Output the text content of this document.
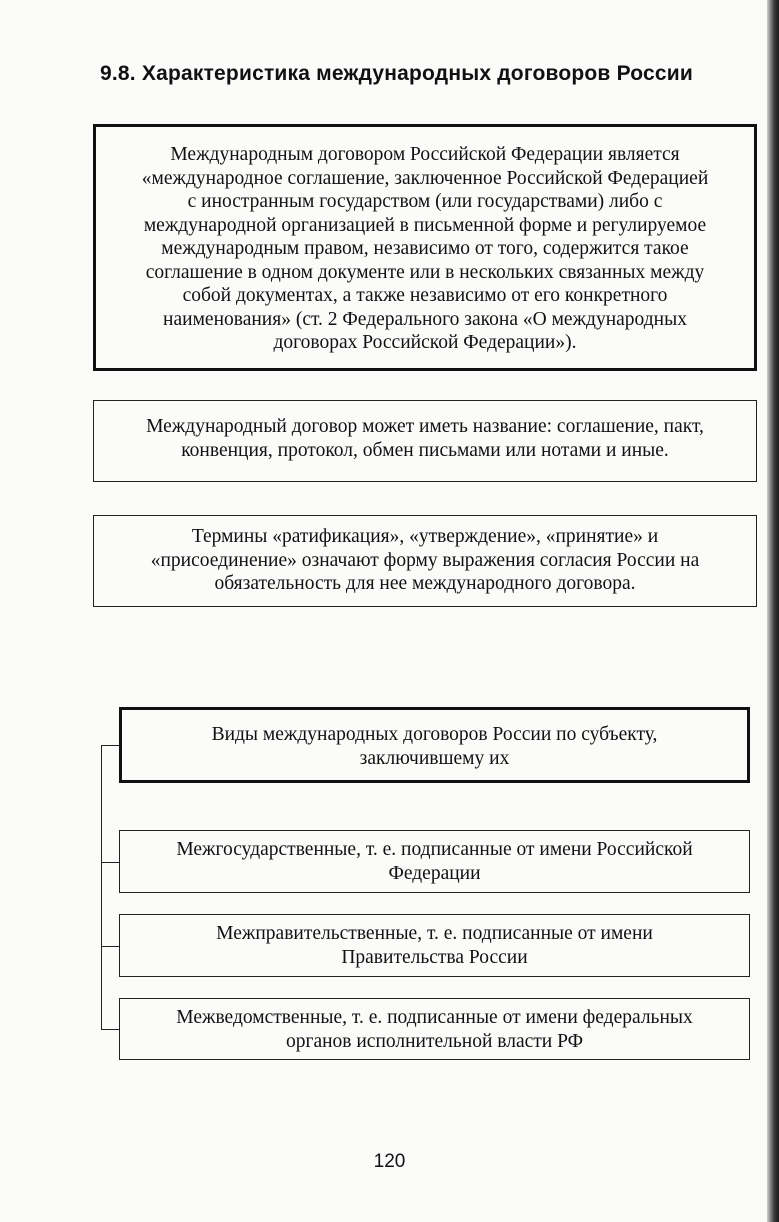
9.8. Характеристика международных договоров России
Международным договором Российской Федерации является
«международное соглашение, заключенное Российской Федерацией
с иностранным государством (или государствами) либо с
международной организацией в письменной форме и регулируемое
международным правом, независимо от того, содержится такое
соглашение в одном документе или в нескольких связанных между
собой документах, а также независимо от его конкретного
наименования» (ст. 2 Федерального закона «О международных
договорах Российской Федерации»).
Международный договор может иметь название: соглашение, пакт,
конвенция, протокол, обмен письмами или нотами и иные.
Термины «ратификация», «утверждение», «принятие» и
«присоединение» означают форму выражения согласия России на
обязательность для нее международного договора.
Виды международных договоров России по субъекту,
заключившему их
Межгосударственные, т. е. подписанные от имени Российской
Федерации
Межправительственные, т. е. подписанные от имени
Правительства России
Межведомственные, т. е. подписанные от имени федеральных
органов исполнительной власти РФ
120
